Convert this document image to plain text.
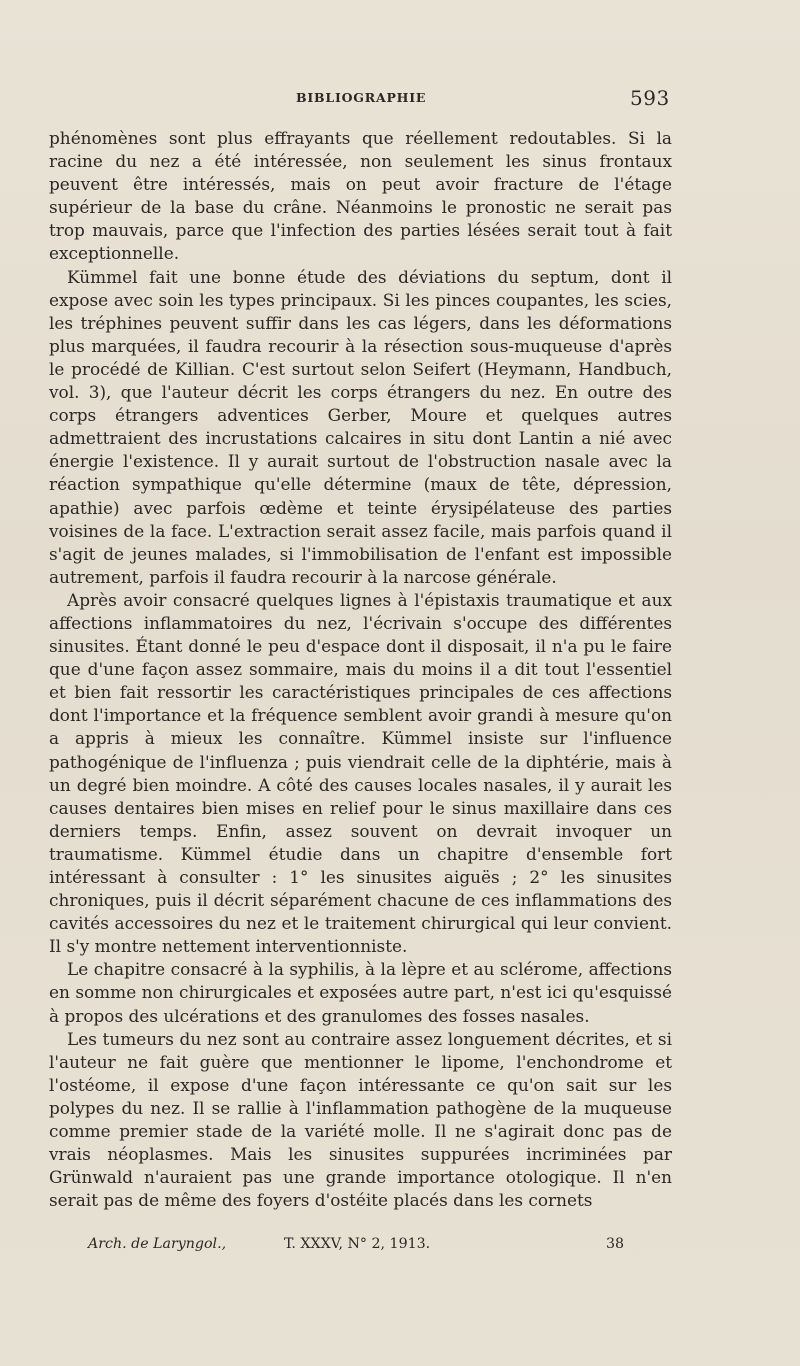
BIBLIOGRAPHIE	593

phénomènes sont plus effrayants que réellement redoutables. Si la racine du nez a été intéressée, non seulement les sinus frontaux peuvent être intéressés, mais on peut avoir fracture de l'étage supérieur de la base du crâne. Néanmoins le pronostic ne serait pas trop mauvais, parce que l'infection des parties lésées serait tout à fait exceptionnelle.

Kümmel fait une bonne étude des déviations du septum, dont il expose avec soin les types principaux. Si les pinces coupantes, les scies, les tréphines peuvent suffir dans les cas légers, dans les déformations plus marquées, il faudra recourir à la résection sous-muqueuse d'après le procédé de Killian. C'est surtout selon Seifert (Heymann, Handbuch, vol. 3), que l'auteur décrit les corps étrangers du nez. En outre des corps étrangers adventices Gerber, Moure et quelques autres admettraient des incrustations calcaires in situ dont Lantin a nié avec énergie l'existence. Il y aurait surtout de l'obstruction nasale avec la réaction sympathique qu'elle détermine (maux de tête, dépression, apathie) avec parfois œdème et teinte érysipélateuse des parties voisines de la face. L'extraction serait assez facile, mais parfois quand il s'agit de jeunes malades, si l'immobilisation de l'enfant est impossible autrement, parfois il faudra recourir à la narcose générale.

Après avoir consacré quelques lignes à l'épistaxis traumatique et aux affections inflammatoires du nez, l'écrivain s'occupe des différentes sinusites. Étant donné le peu d'espace dont il disposait, il n'a pu le faire que d'une façon assez sommaire, mais du moins il a dit tout l'essentiel et bien fait ressortir les caractéristiques principales de ces affections dont l'importance et la fréquence semblent avoir grandi à mesure qu'on a appris à mieux les connaître. Kümmel insiste sur l'influence pathogénique de l'influenza ; puis viendrait celle de la diphtérie, mais à un degré bien moindre. A côté des causes locales nasales, il y aurait les causes dentaires bien mises en relief pour le sinus maxillaire dans ces derniers temps. Enfin, assez souvent on devrait invoquer un traumatisme. Kümmel étudie dans un chapitre d'ensemble fort intéressant à consulter : 1° les sinusites aiguës ; 2° les sinusites chroniques, puis il décrit séparément chacune de ces inflammations des cavités accessoires du nez et le traitement chirurgical qui leur convient. Il s'y montre nettement interventionniste.

Le chapitre consacré à la syphilis, à la lèpre et au sclérome, affections en somme non chirurgicales et exposées autre part, n'est ici qu'esquissé à propos des ulcérations et des granulomes des fosses nasales.

Les tumeurs du nez sont au contraire assez longuement décrites, et si l'auteur ne fait guère que mentionner le lipome, l'enchondrome et l'ostéome, il expose d'une façon intéressante ce qu'on sait sur les polypes du nez. Il se rallie à l'inflammation pathogène de la muqueuse comme premier stade de la variété molle. Il ne s'agirait donc pas de vrais néoplasmes. Mais les sinusites suppurées incriminées par Grünwald n'auraient pas une grande importance otologique. Il n'en serait pas de même des foyers d'ostéite placés dans les cornets

Arch. de Laryngol.,	T. XXXV, N° 2, 1913.	38
